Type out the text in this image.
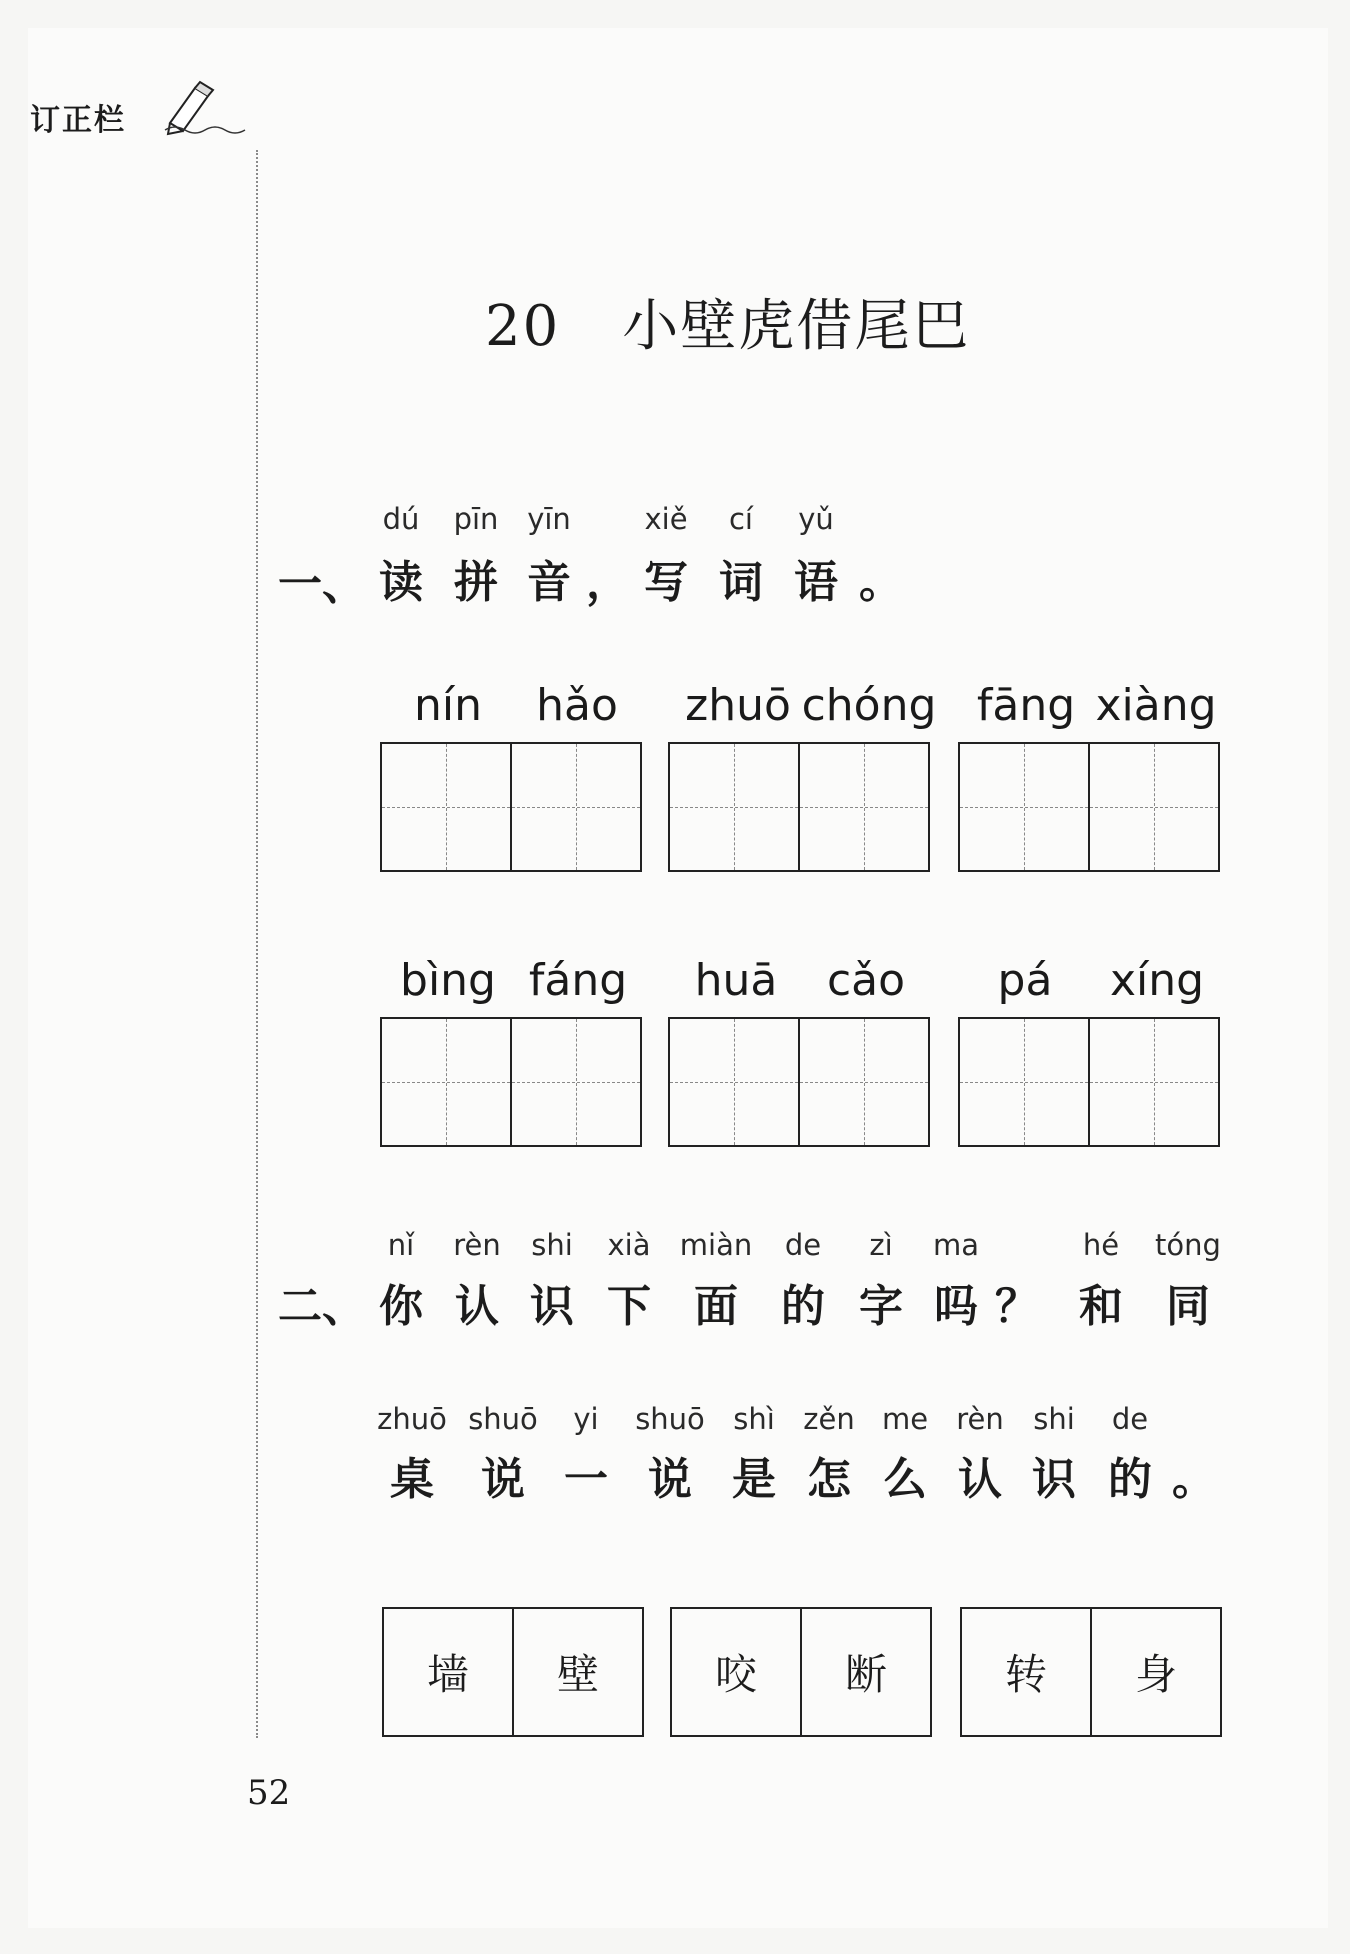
订正栏
20 小壁虎借尾巴
一、
dú
读
pīn
拼
yīn
音 ，
xiě
写
cí
词
yǔ
语 。
nín hǎo zhuō chóng fāng xiàng
bìng fáng huā cǎo pá xíng
二、
nǐ
你
rèn
认
shi
识
xià
下
miàn
面
de
的
zì
字
ma
吗 ？
hé
和
tóng
同
zhuō
桌
shuō
说
yi
一
shuō
说
shì
是
zěn
怎
me
么
rèn
认
shi
识
de
的 。
墙	壁	咬	断	转	身
52
